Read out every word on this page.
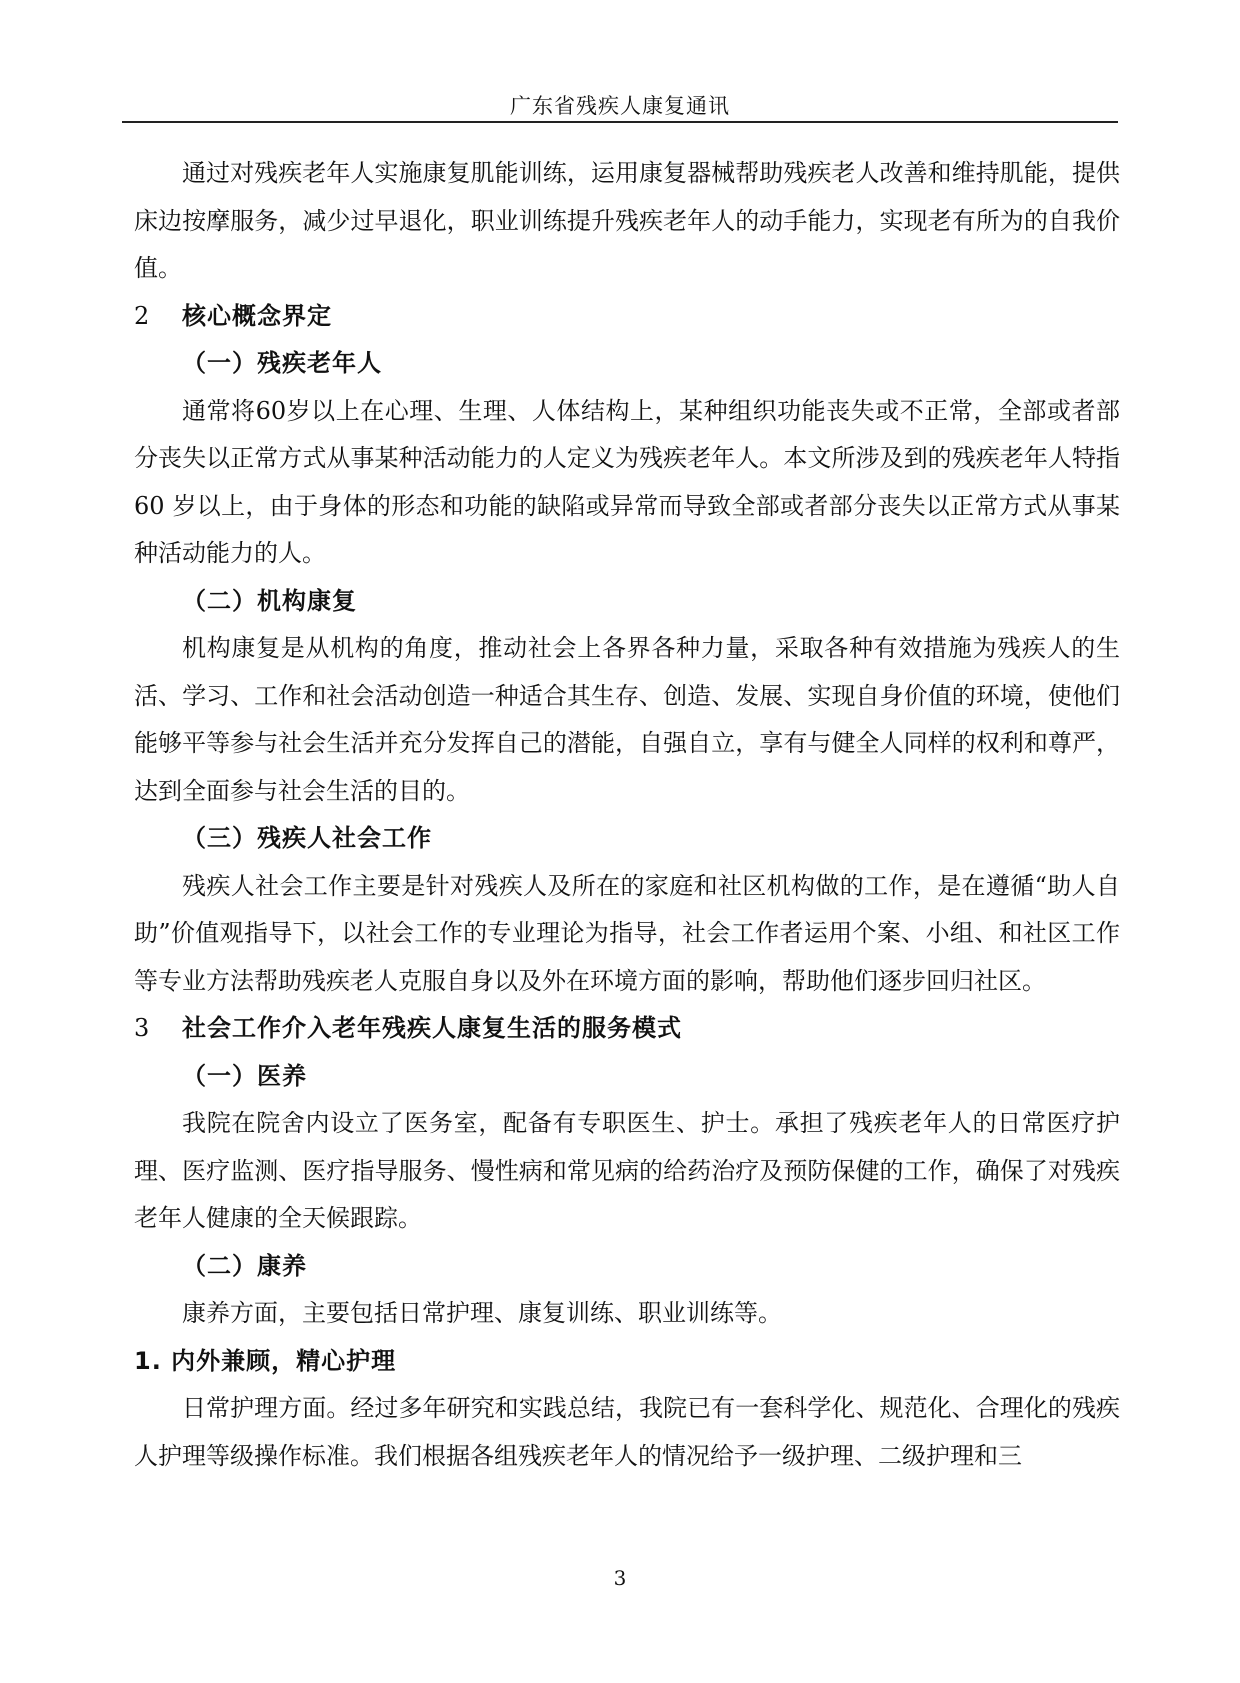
广东省残疾人康复通讯

通过对残疾老年人实施康复肌能训练，运用康复器械帮助残疾老人改善和维持肌能，提供床边按摩服务，减少过早退化，职业训练提升残疾老年人的动手能力，实现老有所为的自我价值。

2 核心概念界定

（一）残疾老年人

通常将60岁以上在心理、生理、人体结构上，某种组织功能丧失或不正常，全部或者部分丧失以正常方式从事某种活动能力的人定义为残疾老年人。本文所涉及到的残疾老年人特指 60 岁以上，由于身体的形态和功能的缺陷或异常而导致全部或者部分丧失以正常方式从事某种活动能力的人。

（二）机构康复

机构康复是从机构的角度，推动社会上各界各种力量，采取各种有效措施为残疾人的生活、学习、工作和社会活动创造一种适合其生存、创造、发展、实现自身价值的环境，使他们能够平等参与社会生活并充分发挥自己的潜能，自强自立，享有与健全人同样的权利和尊严，达到全面参与社会生活的目的。

（三）残疾人社会工作

残疾人社会工作主要是针对残疾人及所在的家庭和社区机构做的工作，是在遵循“助人自助”价值观指导下，以社会工作的专业理论为指导，社会工作者运用个案、小组、和社区工作等专业方法帮助残疾老人克服自身以及外在环境方面的影响，帮助他们逐步回归社区。

3 社会工作介入老年残疾人康复生活的服务模式

（一）医养

我院在院舍内设立了医务室，配备有专职医生、护士。承担了残疾老年人的日常医疗护理、医疗监测、医疗指导服务、慢性病和常见病的给药治疗及预防保健的工作，确保了对残疾老年人健康的全天候跟踪。

（二）康养

康养方面，主要包括日常护理、康复训练、职业训练等。

1. 内外兼顾，精心护理

日常护理方面。经过多年研究和实践总结，我院已有一套科学化、规范化、合理化的残疾人护理等级操作标准。我们根据各组残疾老年人的情况给予一级护理、二级护理和三

3
